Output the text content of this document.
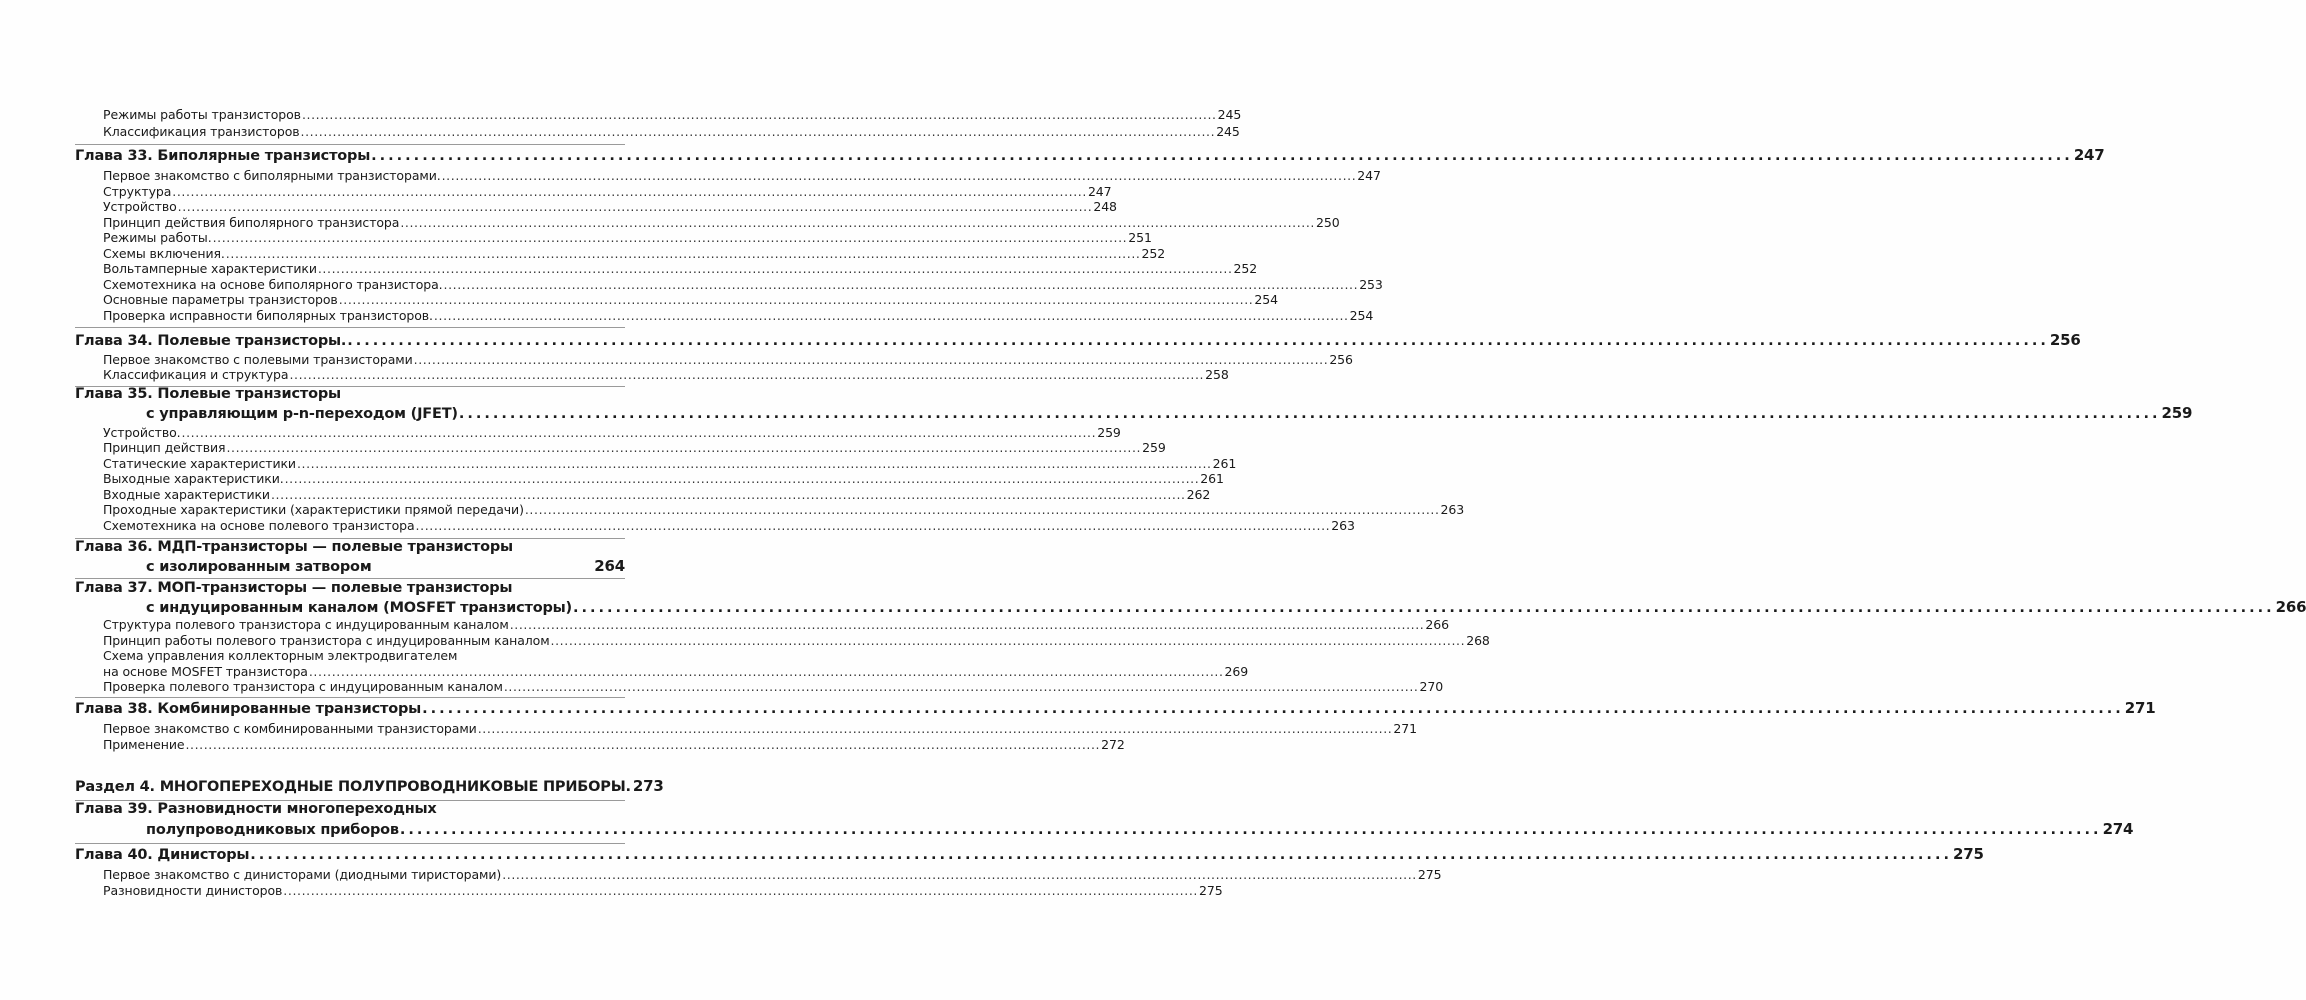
Режимы работы транзисторов ........................................................................................................................................................................................................ 245
Классификация транзисторов ........................................................................................................................................................................................................ 245
Глава 33. Биполярные транзисторы ........................................................................................................................................................................................................ 247
Первое знакомство с биполярными транзисторами. ........................................................................................................................................................................................................ 247
Структура ........................................................................................................................................................................................................ 247
Устройство ........................................................................................................................................................................................................ 248
Принцип действия биполярного транзистора ........................................................................................................................................................................................................ 250
Режимы работы. ........................................................................................................................................................................................................ 251
Схемы включения. ........................................................................................................................................................................................................ 252
Вольтамперные характеристики ........................................................................................................................................................................................................ 252
Схемотехника на основе биполярного транзистора. ........................................................................................................................................................................................................ 253
Основные параметры транзисторов ........................................................................................................................................................................................................ 254
Проверка исправности биполярных транзисторов. ........................................................................................................................................................................................................ 254
Глава 34. Полевые транзисторы. ........................................................................................................................................................................................................ 256
Первое знакомство с полевыми транзисторами ........................................................................................................................................................................................................ 256
Классификация и структура ........................................................................................................................................................................................................ 258
Глава 35. Полевые транзисторы
с управляющим p-n-переходом (JFET) ........................................................................................................................................................................................................ 259
Устройство. ........................................................................................................................................................................................................ 259
Принцип действия ........................................................................................................................................................................................................ 259
Статические характеристики ........................................................................................................................................................................................................ 261
Выходные характеристики. ........................................................................................................................................................................................................ 261
Входные характеристики ........................................................................................................................................................................................................ 262
Проходные характеристики (характеристики прямой передачи) ........................................................................................................................................................................................................ 263
Схемотехника на основе полевого транзистора ........................................................................................................................................................................................................ 263
Глава 36. МДП-транзисторы — полевые транзисторы
с изолированным затвором	264
Глава 37. МОП-транзисторы — полевые транзисторы
с индуцированным каналом (MOSFET транзисторы) ........................................................................................................................................................................................................ 266
Структура полевого транзистора с индуцированным каналом ........................................................................................................................................................................................................ 266
Принцип работы полевого транзистора с индуцированным каналом ........................................................................................................................................................................................................ 268
Схема управления коллекторным электродвигателем
на основе MOSFET транзистора ........................................................................................................................................................................................................ 269
Проверка полевого транзистора с индуцированным каналом ........................................................................................................................................................................................................ 270
Глава 38. Комбинированные транзисторы ........................................................................................................................................................................................................ 271
Первое знакомство с комбинированными транзисторами ........................................................................................................................................................................................................ 271
Применение ........................................................................................................................................................................................................ 272
Раздел 4. МНОГОПЕРЕХОДНЫЕ ПОЛУПРОВОДНИКОВЫЕ ПРИБОРЫ. 273
Глава 39. Разновидности многопереходных
полупроводниковых приборов ........................................................................................................................................................................................................ 274
Глава 40. Динисторы ........................................................................................................................................................................................................ 275
Первое знакомство с динисторами (диодными тиристорами) ........................................................................................................................................................................................................ 275
Разновидности динисторов ........................................................................................................................................................................................................ 275
